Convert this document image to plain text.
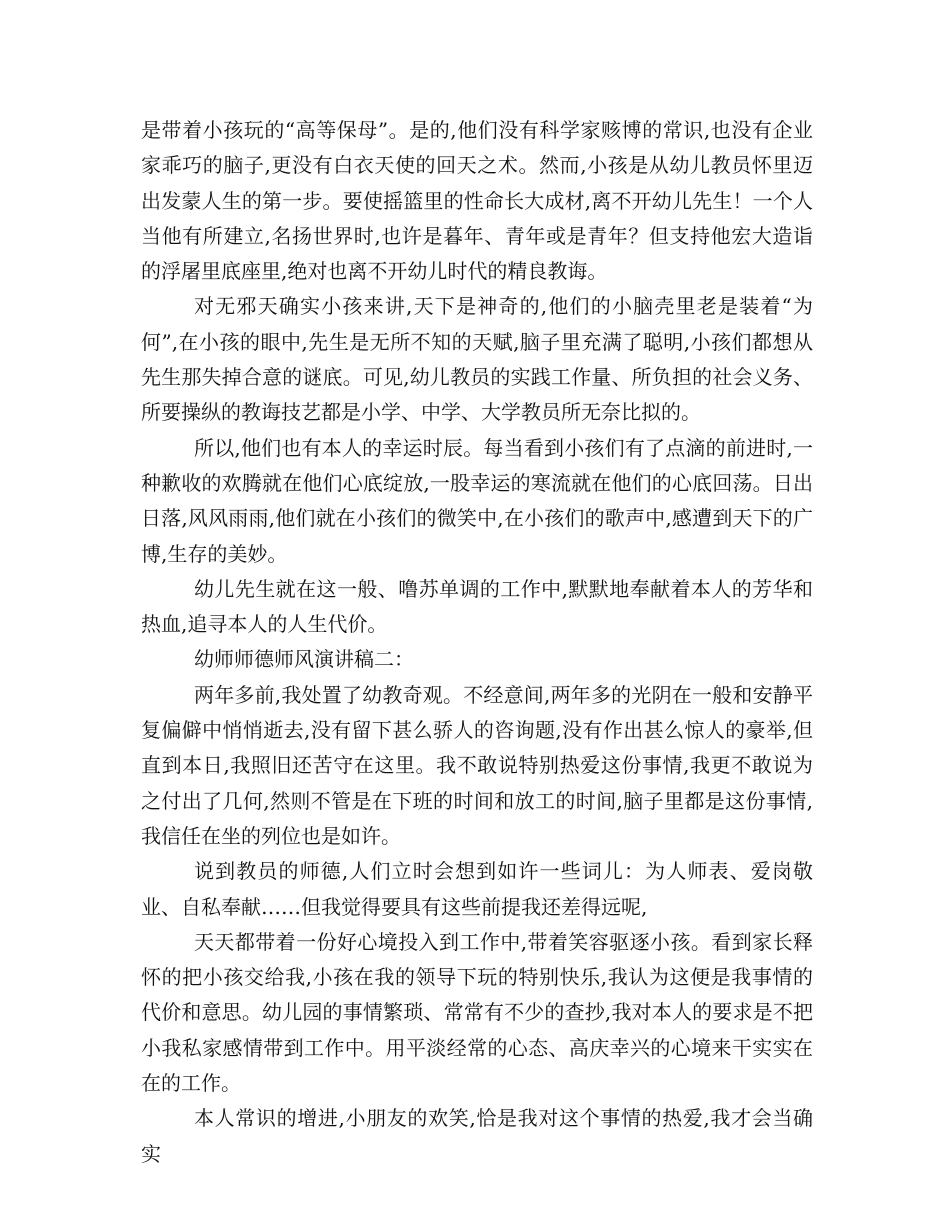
是带着小孩玩的“高等保母”。是的,他们没有科学家赅博的常识,也没有企业家乖巧的脑子,更没有白衣天使的回天之术。然而,小孩是从幼儿教员怀里迈出发蒙人生的第一步。要使摇篮里的性命长大成材,离不开幼儿先生！一个人当他有所建立,名扬世界时,也许是暮年、青年或是青年？但支持他宏大造诣的浮屠里底座里,绝对也离不开幼儿时代的精良教诲。

对无邪天确实小孩来讲,天下是神奇的,他们的小脑壳里老是装着“为何”,在小孩的眼中,先生是无所不知的天赋,脑子里充满了聪明,小孩们都想从先生那失掉合意的谜底。可见,幼儿教员的实践工作量、所负担的社会义务、所要操纵的教诲技艺都是小学、中学、大学教员所无奈比拟的。

所以,他们也有本人的幸运时辰。每当看到小孩们有了点滴的前进时,一种歉收的欢腾就在他们心底绽放,一股幸运的寒流就在他们的心底回荡。日出日落,风风雨雨,他们就在小孩们的微笑中,在小孩们的歌声中,感遭到天下的广博,生存的美妙。

幼儿先生就在这一般、噜苏单调的工作中,默默地奉献着本人的芳华和热血,追寻本人的人生代价。

幼师师德师风演讲稿二：

两年多前,我处置了幼教奇观。不经意间,两年多的光阴在一般和安静平复偏僻中悄悄逝去,没有留下甚么骄人的咨询题,没有作出甚么惊人的豪举,但直到本日,我照旧还苦守在这里。我不敢说特别热爱这份事情,我更不敢说为之付出了几何,然则不管是在下班的时间和放工的时间,脑子里都是这份事情,我信任在坐的列位也是如许。

说到教员的师德,人们立时会想到如许一些词儿：为人师表、爱岗敬业、自私奉献……但我觉得要具有这些前提我还差得远呢,

天天都带着一份好心境投入到工作中,带着笑容驱逐小孩。看到家长释怀的把小孩交给我,小孩在我的领导下玩的特别快乐,我认为这便是我事情的代价和意思。幼儿园的事情繁琐、常常有不少的查抄,我对本人的要求是不把小我私家感情带到工作中。用平淡经常的心态、高庆幸兴的心境来干实实在在的工作。

本人常识的增进,小朋友的欢笑,恰是我对这个事情的热爱,我才会当确实
